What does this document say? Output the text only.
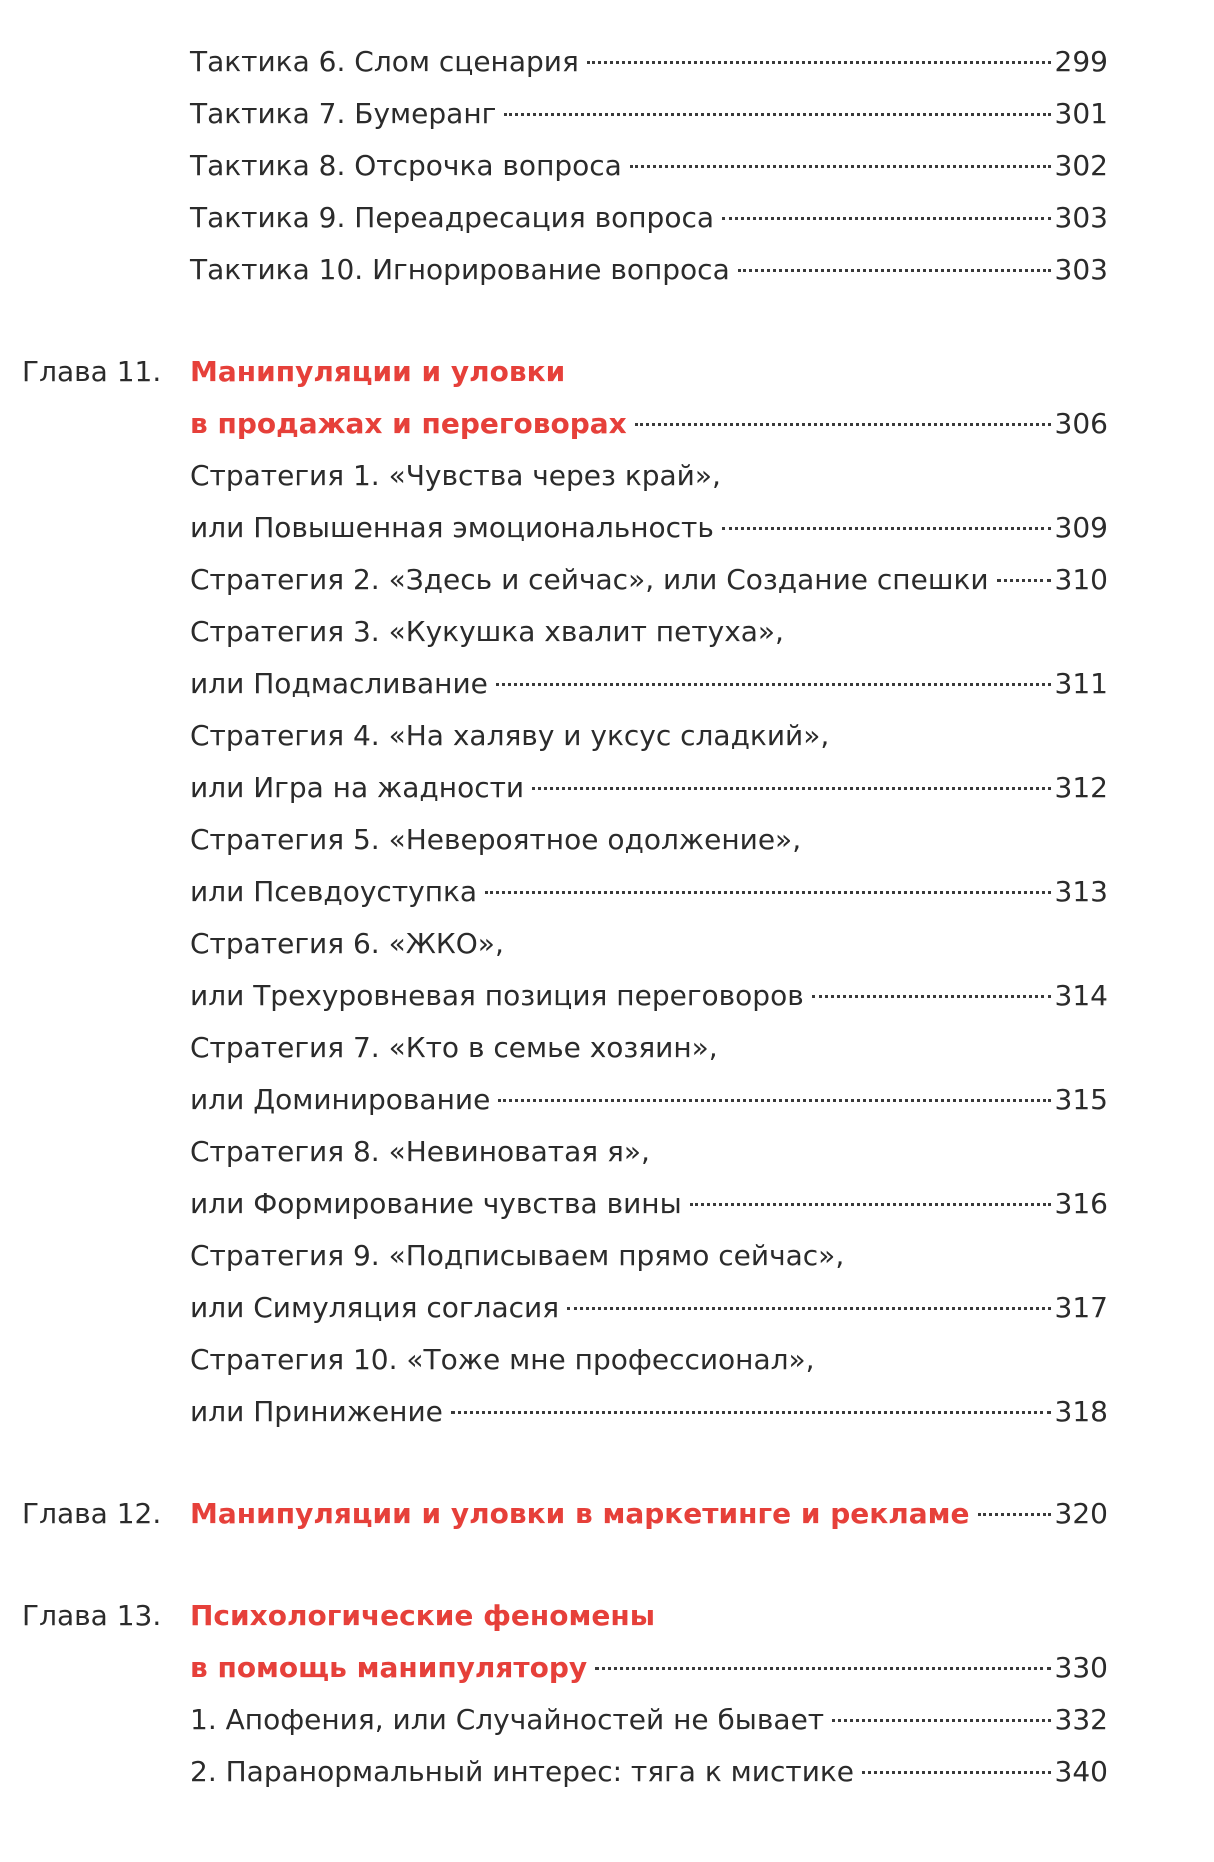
Тактика 6. Слом сценария	299
Тактика 7. Бумеранг	301
Тактика 8. Отсрочка вопроса	302
Тактика 9. Переадресация вопроса	303
Тактика 10. Игнорирование вопроса	303
Глава 11. Манипуляции и уловки
в продажах и переговорах	306
Стратегия 1. «Чувства через край»,
или Повышенная эмоциональность	309
Стратегия 2. «Здесь и сейчас», или Создание спешки 310
Стратегия 3. «Кукушка хвалит петуха»,
или Подмасливание	311
Стратегия 4. «На халяву и уксус сладкий»,
или Игра на жадности	312
Стратегия 5. «Невероятное одолжение»,
или Псевдоуступка	313
Стратегия 6. «ЖКО»,
или Трехуровневая позиция переговоров	314
Стратегия 7. «Кто в семье хозяин»,
или Доминирование	315
Стратегия 8. «Невиноватая я»,
или Формирование чувства вины	316
Стратегия 9. «Подписываем прямо сейчас»,
или Симуляция согласия	317
Стратегия 10. «Тоже мне профессионал»,
или Принижение	318
Глава 12. Манипуляции и уловки в маркетинге и рекламе	320
Глава 13. Психологические феномены
в помощь манипулятору	330
1. Апофения, или Случайностей не бывает	332
2. Паранормальный интерес: тяга к мистике	340
